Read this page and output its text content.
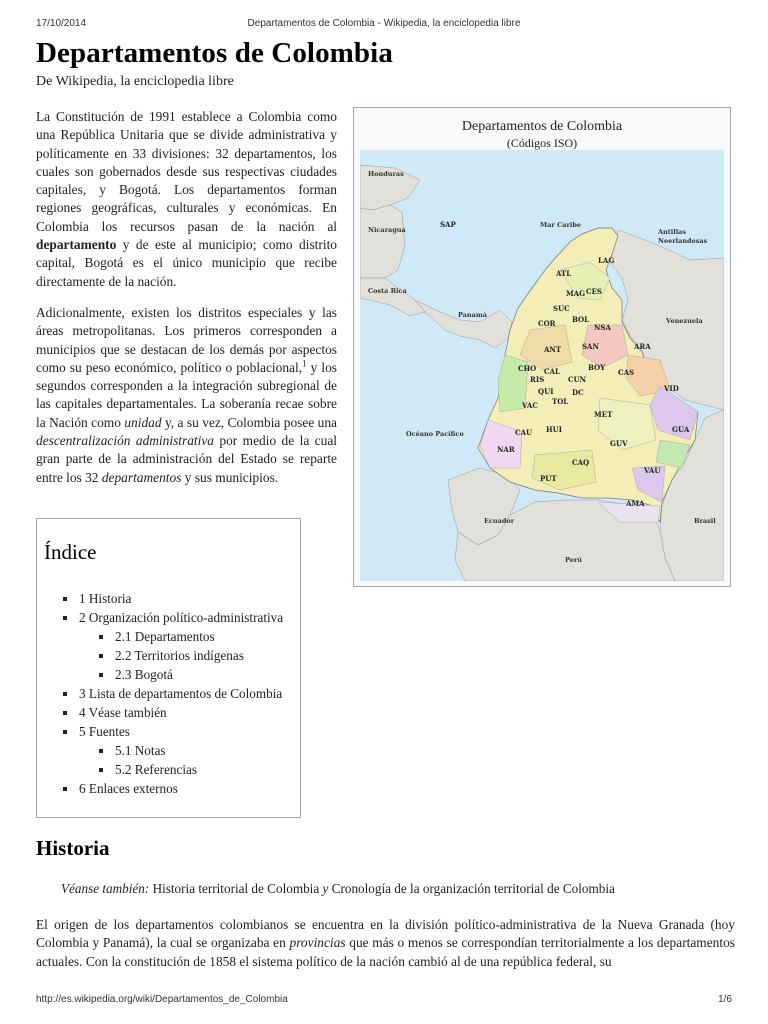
17/10/2014	Departamentos de Colombia - Wikipedia, la enciclopedia libre
Departamentos de Colombia
De Wikipedia, la enciclopedia libre

La Constitución de 1991 establece a Colombia como una República Unitaria que se divide administrativa y políticamente en 33 divisiones: 32 departamentos, los cuales son gobernados desde sus respectivas ciudades capitales, y Bogotá. Los departamentos forman regiones geográficas, culturales y económicas. En Colombia los recursos pasan de la nación al departamento y de este al municipio; como distrito capital, Bogotá es el único municipio que recibe directamente de la nación.

Adicionalmente, existen los distritos especiales y las áreas metropolitanas. Los primeros corresponden a municipios que se destacan de los demás por aspectos como su peso económico, político o poblacional,$^1$ y los segundos corresponden a la integración subregional de las capitales departamentales. La soberanía recae sobre la Nación como unidad y, a su vez, Colombia posee una descentralización administrativa por medio de la cual gran parte de la administración del Estado se reparte entre los 32 departamentos y sus municipios.

Departamentos de Colombia
(Códigos ISO)
Honduras
Nicaragua
Costa Rica
Panamá
Mar Caribe
Antillas
Neerlandesas
Venezuela
Océano Pacífico
Ecuador
Perú
Brasil
SAP
LAG
ATL
MAG CES
SUC
COR BOL
NSA
ANT	SAN	ARA
CHO CAL	BOY
RIS	CUN
CAS
QUI	DC	VID
VAC TOL
MET
CAU HUI	GUA
GUV
NAR
CAQ
VAU
PUT
AMA
Índice
1 Historia
2 Organización político-administrativa
2.1 Departamentos
2.2 Territorios indígenas
2.3 Bogotá
3 Lista de departamentos de Colombia
4 Véase también
5 Fuentes
5.1 Notas
5.2 Referencias
6 Enlaces externos
Historia
Véanse también: Historia territorial de Colombia y Cronología de la organización territorial de Colombia

El origen de los departamentos colombianos se encuentra en la división político-administrativa de la Nueva Granada (hoy Colombia y Panamá), la cual se organizaba en provincias que más o menos se correspondían territorialmente a los departamentos actuales. Con la constitución de 1858 el sistema político de la nación cambió al de una república federal, su

http://es.wikipedia.org/wiki/Departamentos_de_Colombia	1/6
